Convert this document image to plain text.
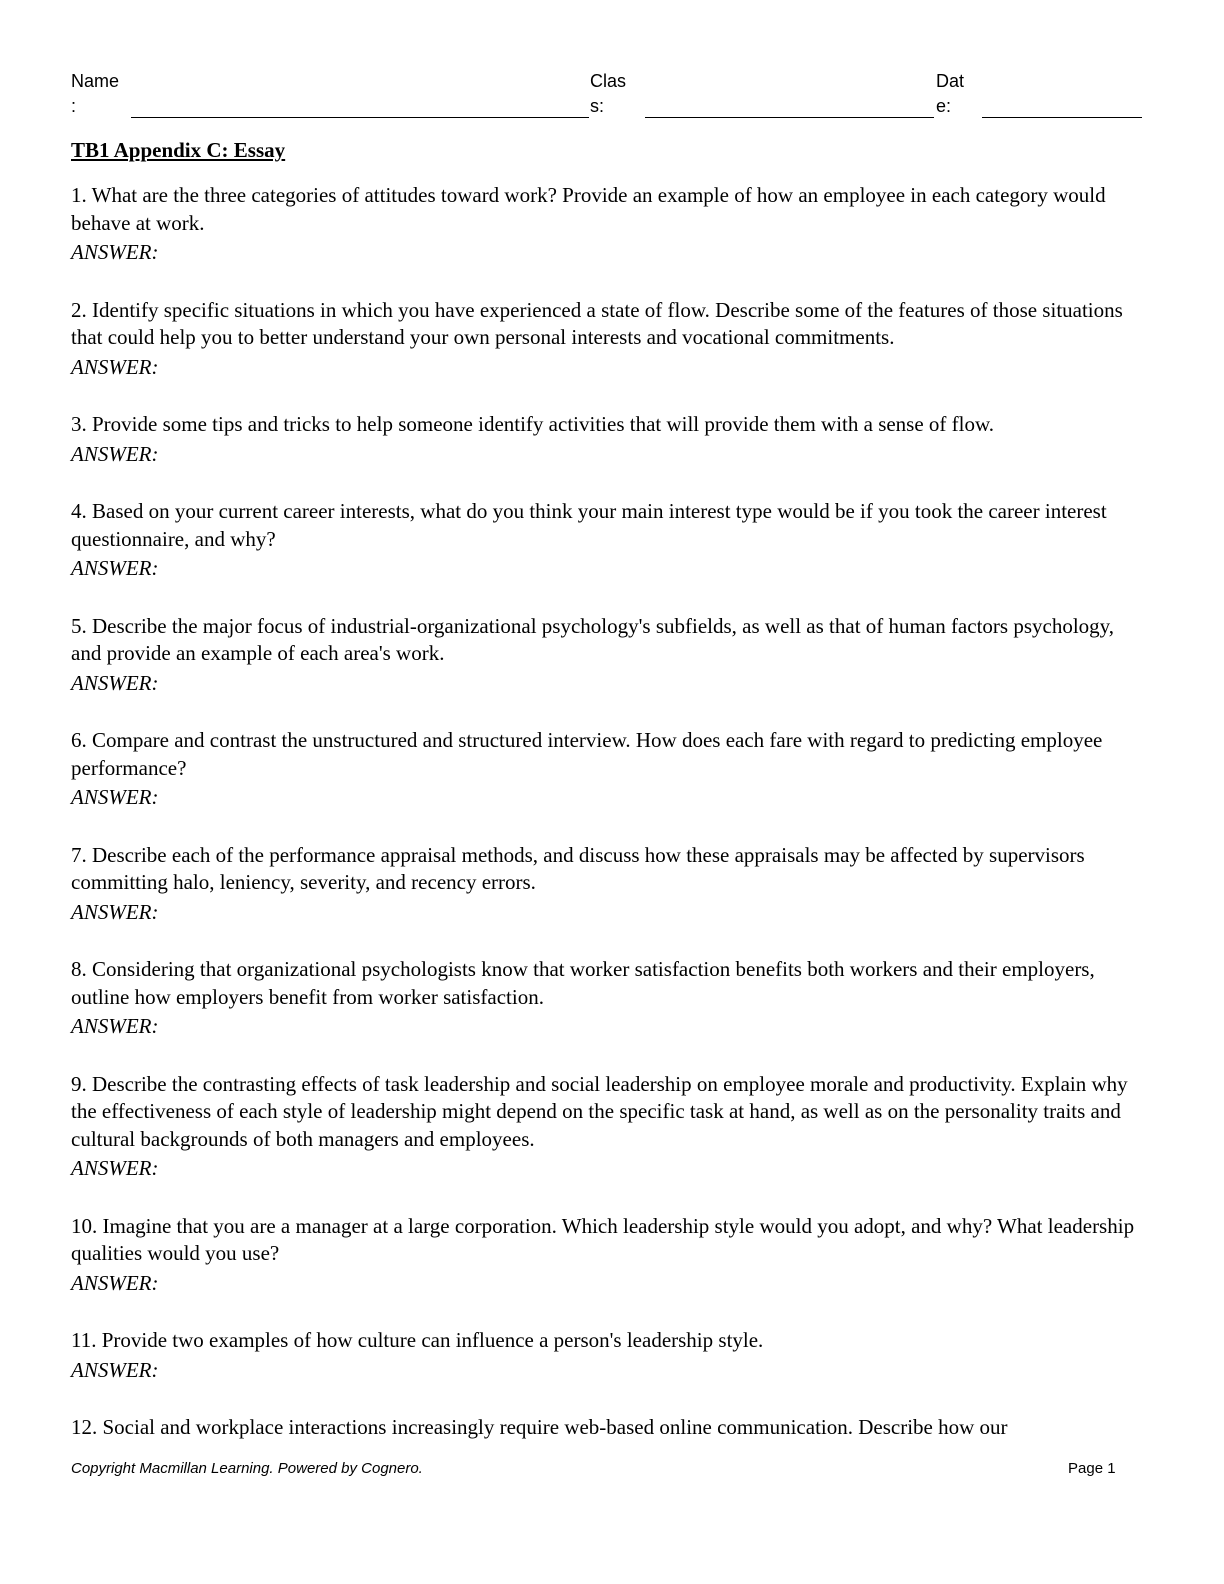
Name
:
Clas
s:
Dat
e:
TB1 Appendix C: Essay

1. What are the three categories of attitudes toward work? Provide an example of how an employee in each category would behave at work.

ANSWER:

2. Identify specific situations in which you have experienced a state of flow. Describe some of the features of those situations that could help you to better understand your own personal interests and vocational commitments.

ANSWER:

3. Provide some tips and tricks to help someone identify activities that will provide them with a sense of flow.

ANSWER:

4. Based on your current career interests, what do you think your main interest type would be if you took the career interest questionnaire, and why?

ANSWER:

5. Describe the major focus of industrial-organizational psychology's subfields, as well as that of human factors psychology, and provide an example of each area's work.

ANSWER:

6. Compare and contrast the unstructured and structured interview. How does each fare with regard to predicting employee performance?

ANSWER:

7. Describe each of the performance appraisal methods, and discuss how these appraisals may be affected by supervisors committing halo, leniency, severity, and recency errors.

ANSWER:

8. Considering that organizational psychologists know that worker satisfaction benefits both workers and their employers, outline how employers benefit from worker satisfaction.

ANSWER:

9. Describe the contrasting effects of task leadership and social leadership on employee morale and productivity. Explain why the effectiveness of each style of leadership might depend on the specific task at hand, as well as on the personality traits and cultural backgrounds of both managers and employees.

ANSWER:

10. Imagine that you are a manager at a large corporation. Which leadership style would you adopt, and why? What leadership qualities would you use?

ANSWER:

11. Provide two examples of how culture can influence a person's leadership style.

ANSWER:

12. Social and workplace interactions increasingly require web-based online communication. Describe how our

Copyright Macmillan Learning. Powered by Cognero.	Page 1
